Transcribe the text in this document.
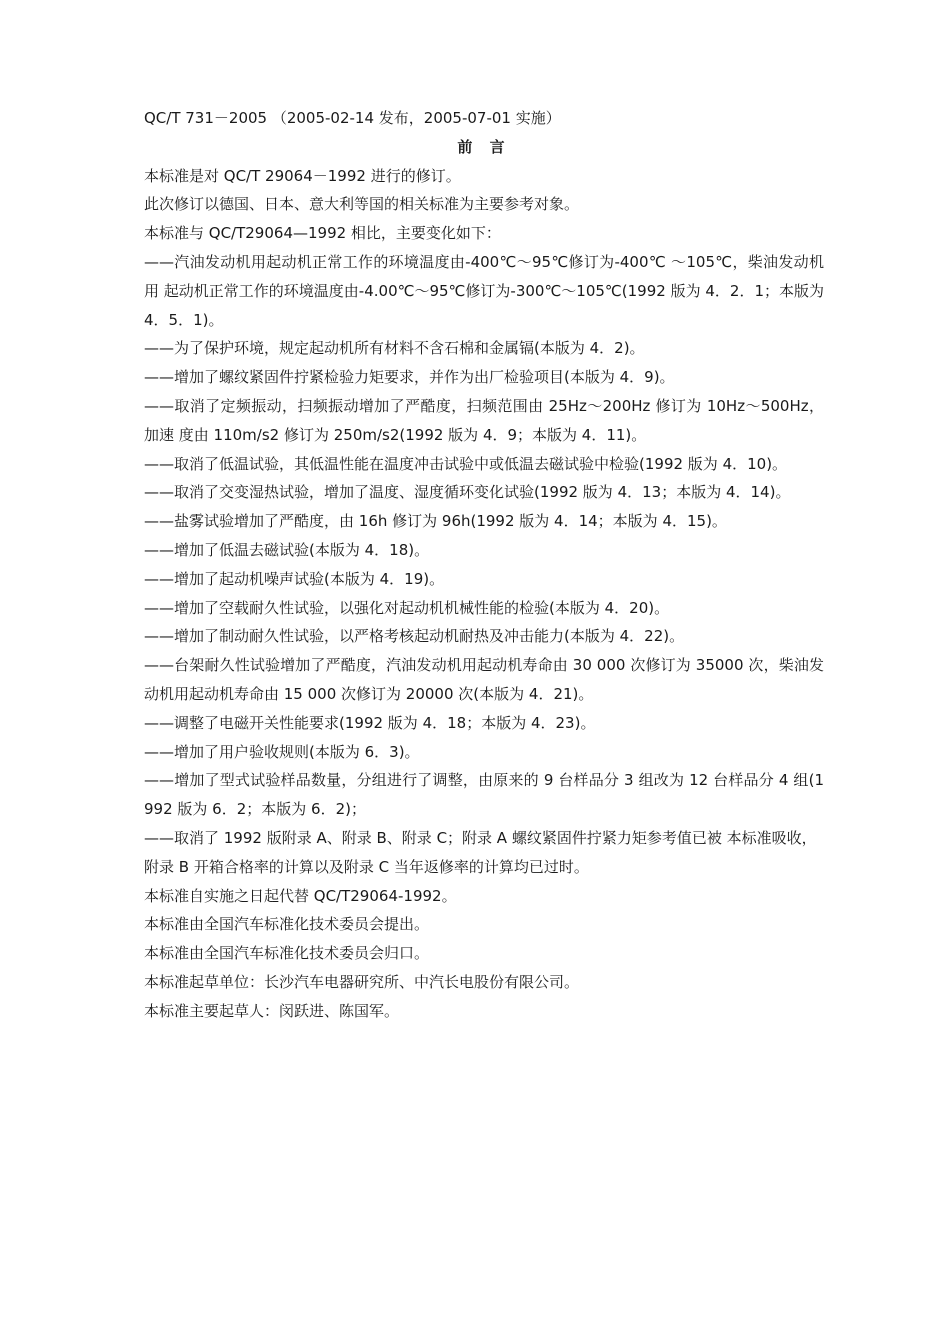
QC/T 731－2005 （2005-02-14 发布，2005-07-01 实施）

前 言

本标准是对 QC/T 29064－1992 进行的修订。

此次修订以德国、日本、意大利等国的相关标准为主要参考对象。

本标准与 QC/T29064—1992 相比，主要变化如下：

——汽油发动机用起动机正常工作的环境温度由-400℃～95℃修订为-400℃ ～105℃，柴油发动机用 起动机正常工作的环境温度由-4.00℃～95℃修订为-300℃～105℃(1992 版为 4．2．1；本版为 4．5．1)。

——为了保护环境，规定起动机所有材料不含石棉和金属镉(本版为 4．2)。

——增加了螺纹紧固件拧紧检验力矩要求，并作为出厂检验项目(本版为 4．9)。

——取消了定频振动，扫频振动增加了严酷度，扫频范围由 25Hz～200Hz 修订为 10Hz～500Hz，加速 度由 110m/s2 修订为 250m/s2(1992 版为 4．9；本版为 4．11)。

——取消了低温试验，其低温性能在温度冲击试验中或低温去磁试验中检验(1992 版为 4．10)。

——取消了交变湿热试验，增加了温度、湿度循环变化试验(1992 版为 4．13；本版为 4．14)。

——盐雾试验增加了严酷度，由 16h 修订为 96h(1992 版为 4．14；本版为 4．15)。

——增加了低温去磁试验(本版为 4．18)。

——增加了起动机噪声试验(本版为 4．19)。

——增加了空载耐久性试验，以强化对起动机机械性能的检验(本版为 4．20)。

——增加了制动耐久性试验，以严格考核起动机耐热及冲击能力(本版为 4．22)。

——台架耐久性试验增加了严酷度，汽油发动机用起动机寿命由 30 000 次修订为 35000 次，柴油发动机用起动机寿命由 15 000 次修订为 20000 次(本版为 4．21)。

——调整了电磁开关性能要求(1992 版为 4．18；本版为 4．23)。

——增加了用户验收规则(本版为 6．3)。

——增加了型式试验样品数量，分组进行了调整，由原来的 9 台样品分 3 组改为 12 台样品分 4 组(1992 版为 6．2；本版为 6．2)；

——取消了 1992 版附录 A、附录 B、附录 C；附录 A 螺纹紧固件拧紧力矩参考值已被 本标准吸收，

附录 B 开箱合格率的计算以及附录 C 当年返修率的计算均已过时。

本标准自实施之日起代替 QC/T29064-1992。

本标准由全国汽车标准化技术委员会提出。

本标准由全国汽车标准化技术委员会归口。

本标准起草单位：长沙汽车电器研究所、中汽长电股份有限公司。

本标准主要起草人：闵跃进、陈国军。
